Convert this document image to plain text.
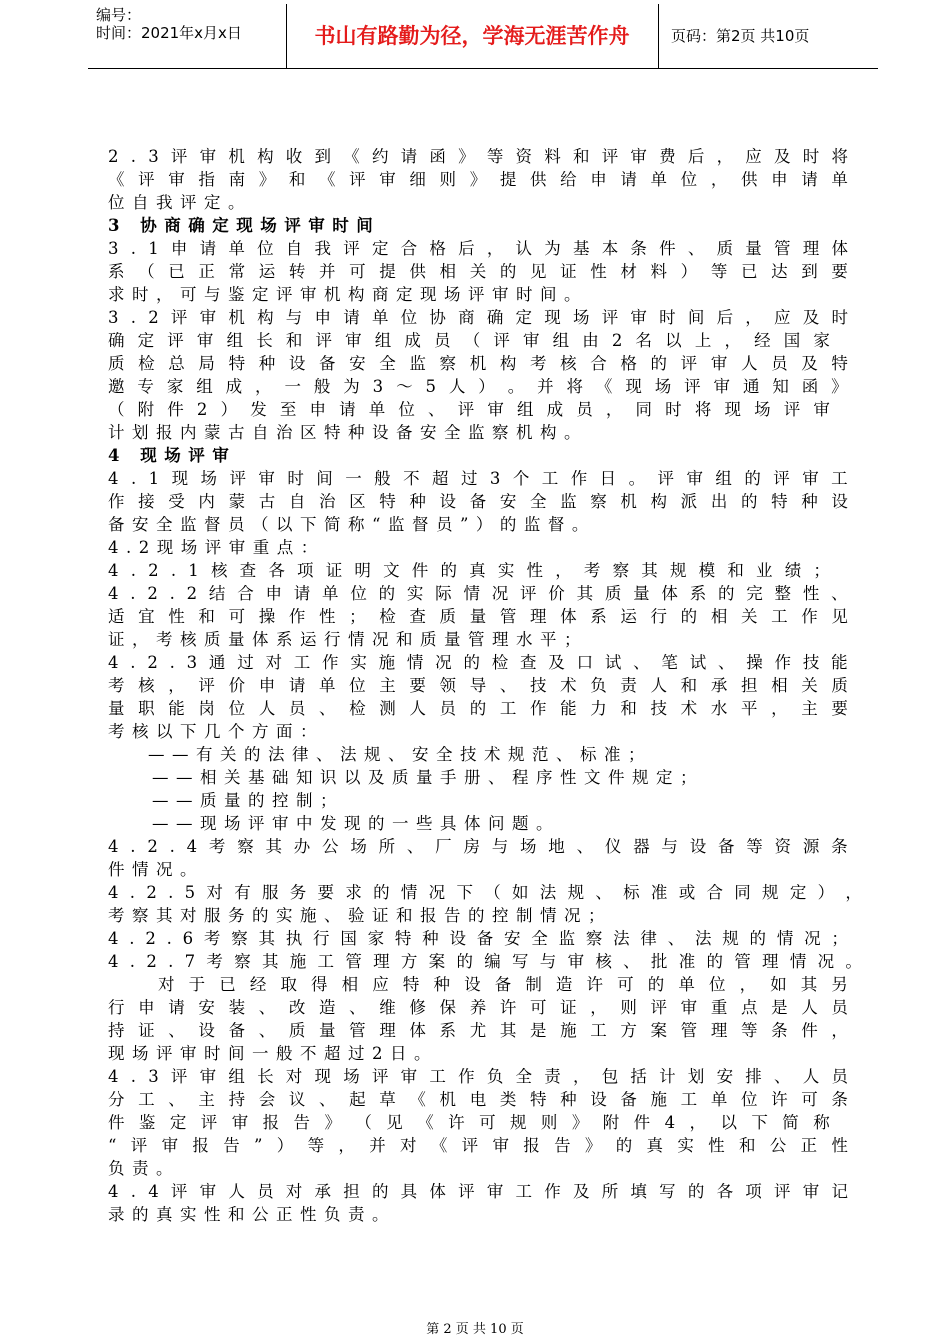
编号：
时间：2021年x月x日	书山有路勤为径，学海无涯苦作舟	页码：第2页 共10页
2 . 3 评 审 机 构 收 到 《 约 请 函 》 等 资 料 和 评 审 费 后 ， 应 及 时 将
《 评 审 指 南 》 和 《 评 审 细 则 》 提 供 给 申 请 单 位 ， 供 申 请 单
位 自 我 评 定 。
3
协 商 确 定 现 场 评 审 时 间
3 . 1 申 请 单 位 自 我 评 定 合 格 后 ， 认 为 基 本 条 件 、 质 量 管 理 体
系 （ 已 正 常 运 转 并 可 提 供 相 关 的 见 证 性 材 料 ） 等 已 达 到 要
求 时 ， 可 与 鉴 定 评 审 机 构 商 定 现 场 评 审 时 间 。
3 . 2 评 审 机 构 与 申 请 单 位 协 商 确 定 现 场 评 审 时 间 后 ， 应 及 时
确 定 评 审 组 长 和 评 审 组 成 员 （ 评 审 组 由 2 名 以 上 ， 经 国 家
质 检 总 局 特 种 设 备 安 全 监 察 机 构 考 核 合 格 的 评 审 人 员 及 特
邀 专 家 组 成 ， 一 般 为 3 ～ 5 人 ） 。 并 将 《 现 场 评 审 通 知 函 》
（ 附 件 2 ） 发 至 申 请 单 位 、 评 审 组 成 员 ， 同 时 将 现 场 评 审
计 划 报 内 蒙 古 自 治 区 特 种 设 备 安 全 监 察 机 构 。
4
现 场 评 审
4 . 1 现 场 评 审 时 间 一 般 不 超 过 3 个 工 作 日 。 评 审 组 的 评 审 工
作 接 受 内 蒙 古 自 治 区 特 种 设 备 安 全 监 察 机 构 派 出 的 特 种 设
备 安 全 监 督 员 （ 以 下 简 称 “ 监 督 员 ” ） 的 监 督 。
4 . 2 现 场 评 审 重 点 ：
4 . 2 . 1 核 查 各 项 证 明 文 件 的 真 实 性 ， 考 察 其 规 模 和 业 绩 ；
4 . 2 . 2 结 合 申 请 单 位 的 实 际 情 况 评 价 其 质 量 体 系 的 完 整 性 、
适 宜 性 和 可 操 作 性 ； 检 查 质 量 管 理 体 系 运 行 的 相 关 工 作 见
证 ， 考 核 质 量 体 系 运 行 情 况 和 质 量 管 理 水 平 ；
4 . 2 . 3 通 过 对 工 作 实 施 情 况 的 检 查 及 口 试 、 笔 试 、 操 作 技 能
考 核 ， 评 价 申 请 单 位 主 要 领 导 、 技 术 负 责 人 和 承 担 相 关 质
量 职 能 岗 位 人 员 、 检 测 人 员 的 工 作 能 力 和 技 术 水 平 ， 主 要
考 核 以 下 几 个 方 面 ：
— — 有 关 的 法 律 、 法 规 、 安 全 技 术 规 范 、 标 准 ；
— — 相 关 基 础 知 识 以 及 质 量 手 册 、 程 序 性 文 件 规 定 ；
— — 质 量 的 控 制 ；
— — 现 场 评 审 中 发 现 的 一 些 具 体 问 题 。
4 . 2 . 4 考 察 其 办 公 场 所 、 厂 房 与 场 地 、 仪 器 与 设 备 等 资 源 条
件 情 况 。
4 . 2 . 5 对 有 服 务 要 求 的 情 况 下 （ 如 法 规 、 标 准 或 合 同 规 定 ） ，
考 察 其 对 服 务 的 实 施 、 验 证 和 报 告 的 控 制 情 况 ；
4 . 2 . 6 考 察 其 执 行 国 家 特 种 设 备 安 全 监 察 法 律 、 法 规 的 情 况 ；
4 . 2 . 7 考 察 其 施 工 管 理 方 案 的 编 写 与 审 核 、 批 准 的 管 理 情 况 。
对 于 已 经 取 得 相 应 特 种 设 备 制 造 许 可 的 单 位 ， 如 其 另
行 申 请 安 装 、 改 造 、 维 修 保 养 许 可 证 ， 则 评 审 重 点 是 人 员
持 证 、 设 备 、 质 量 管 理 体 系 尤 其 是 施 工 方 案 管 理 等 条 件 ，
现 场 评 审 时 间 一 般 不 超 过 2 日 。
4 . 3 评 审 组 长 对 现 场 评 审 工 作 负 全 责 ， 包 括 计 划 安 排 、 人 员
分 工 、 主 持 会 议 、 起 草 《 机 电 类 特 种 设 备 施 工 单 位 许 可 条
件 鉴 定 评 审 报 告 》 （ 见 《 许 可 规 则 》 附 件 4 ， 以 下 简 称
“ 评 审 报 告 ” ） 等 ， 并 对 《 评 审 报 告 》 的 真 实 性 和 公 正 性
负 责 。
4 . 4 评 审 人 员 对 承 担 的 具 体 评 审 工 作 及 所 填 写 的 各 项 评 审 记
录 的 真 实 性 和 公 正 性 负 责 。
第 2 页 共 10 页
